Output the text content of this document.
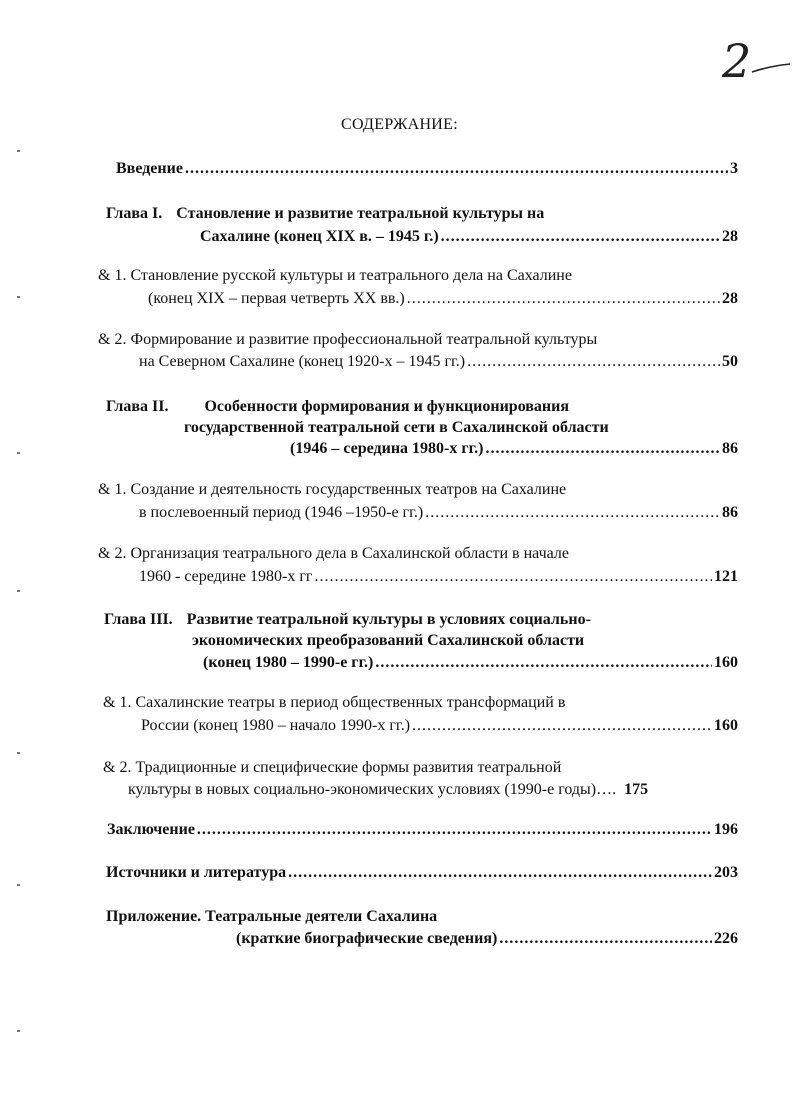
2
СОДЕРЖАНИЕ:
Введение .....	3
Глава I. Становление и развитие театральной культуры на
Сахалине (конец XIX в. – 1945 г.) .....	28
& 1. Становление русской культуры и театрального дела на Сахалине
(конец XIX – первая четверть XX вв.) .....	28
& 2. Формирование и развитие профессиональной театральной культуры
на Северном Сахалине (конец 1920-х – 1945 гг.) .....	50
Глава II. Особенности формирования и функционирования
государственной театральной сети в Сахалинской области
(1946 – середина 1980-х гг.) .....	86
& 1. Создание и деятельность государственных театров на Сахалине
в послевоенный период (1946 –1950-е гг.) .....	86
& 2. Организация театрального дела в Сахалинской области в начале
1960 - середине 1980-х гг .....	121
Глава III. Развитие театральной культуры в условиях социально-
экономических преобразований Сахалинской области
(конец 1980 – 1990-е гг.) .....	160
& 1. Сахалинские театры в период общественных трансформаций в
России (конец 1980 – начало 1990-х гг.) .....	160
& 2. Традиционные и специфические формы развития театральной
культуры в новых социально-экономических условиях (1990-е годы)…. 175
Заключение .....	196
Источники и литература .....	203
Приложение. Театральные деятели Сахалина
(краткие биографические сведения) .....	226
